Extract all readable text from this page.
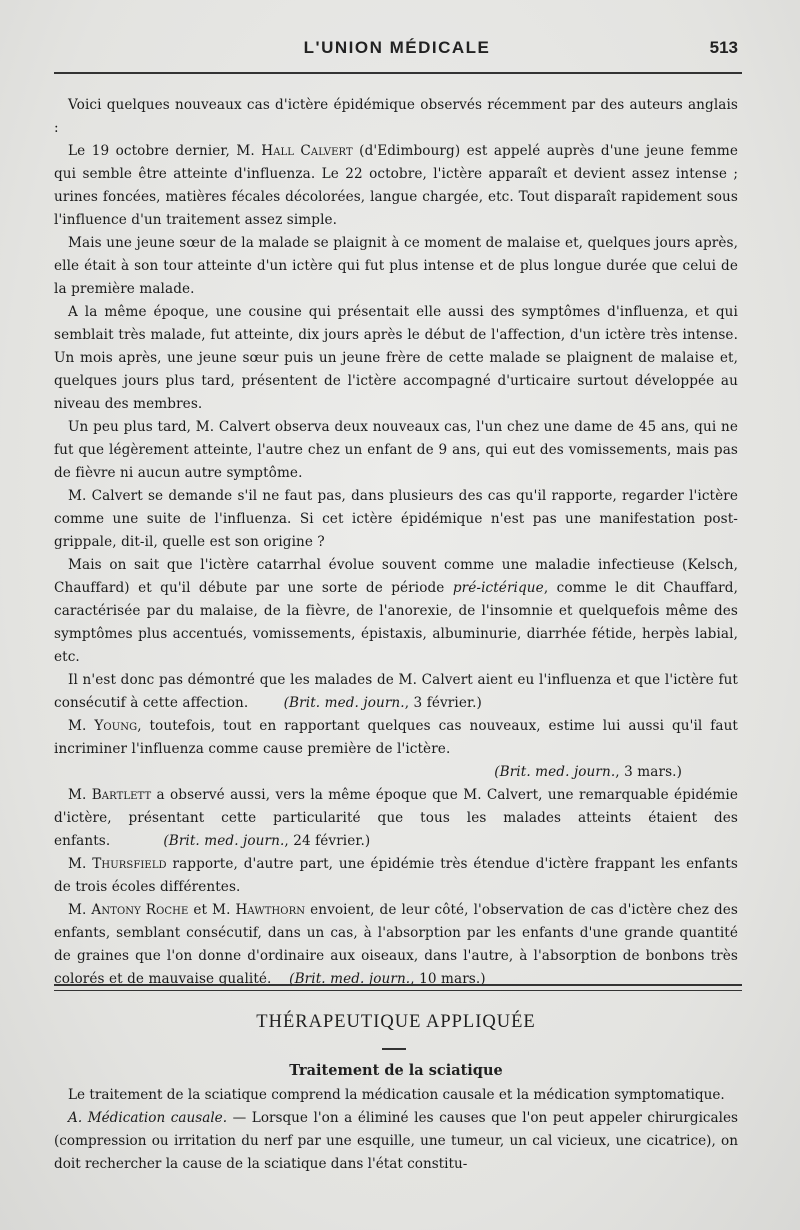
L'UNION MÉDICALE	513

Voici quelques nouveaux cas d'ictère épidémique observés récemment par des auteurs anglais :

Le 19 octobre dernier, M. Hall Calvert (d'Edimbourg) est appelé auprès d'une jeune femme qui semble être atteinte d'influenza. Le 22 octobre, l'ictère apparaît et devient assez intense ; urines foncées, matières fécales décolorées, langue chargée, etc. Tout disparaît rapidement sous l'influence d'un traitement assez simple.

Mais une jeune sœur de la malade se plaignit à ce moment de malaise et, quelques jours après, elle était à son tour atteinte d'un ictère qui fut plus intense et de plus longue durée que celui de la première malade.

A la même époque, une cousine qui présentait elle aussi des symptômes d'influenza, et qui semblait très malade, fut atteinte, dix jours après le début de l'affection, d'un ictère très intense. Un mois après, une jeune sœur puis un jeune frère de cette malade se plaignent de malaise et, quelques jours plus tard, présentent de l'ictère accompagné d'urticaire surtout développée au niveau des membres.

Un peu plus tard, M. Calvert observa deux nouveaux cas, l'un chez une dame de 45 ans, qui ne fut que légèrement atteinte, l'autre chez un enfant de 9 ans, qui eut des vomissements, mais pas de fièvre ni aucun autre symptôme.

M. Calvert se demande s'il ne faut pas, dans plusieurs des cas qu'il rapporte, regarder l'ictère comme une suite de l'influenza. Si cet ictère épidémique n'est pas une manifestation post-grippale, dit-il, quelle est son origine ?

Mais on sait que l'ictère catarrhal évolue souvent comme une maladie infectieuse (Kelsch, Chauffard) et qu'il débute par une sorte de période pré-ictérique, comme le dit Chauffard, caractérisée par du malaise, de la fièvre, de l'anorexie, de l'insomnie et quelquefois même des symptômes plus accentués, vomissements, épistaxis, albuminurie, diarrhée fétide, herpès labial, etc.

Il n'est donc pas démontré que les malades de M. Calvert aient eu l'influenza et que l'ictère fut consécutif à cette affection.	(Brit. med. journ., 3 février.)

M. Young, toutefois, tout en rapportant quelques cas nouveaux, estime lui aussi qu'il faut incriminer l'influenza comme cause première de l'ictère.

(Brit. med. journ., 3 mars.)

M. Bartlett a observé aussi, vers la même époque que M. Calvert, une remarquable épidémie d'ictère, présentant cette particularité que tous les malades atteints étaient des enfants.	(Brit. med. journ., 24 février.)

M. Thursfield rapporte, d'autre part, une épidémie très étendue d'ictère frappant les enfants de trois écoles différentes.

M. Antony Roche et M. Hawthorn envoient, de leur côté, l'observation de cas d'ictère chez des enfants, semblant consécutif, dans un cas, à l'absorption par les enfants d'une grande quantité de graines que l'on donne d'ordinaire aux oiseaux, dans l'autre, à l'absorption de bonbons très colorés et de mauvaise qualité. (Brit. med. journ., 10 mars.)

THÉRAPEUTIQUE APPLIQUÉE
Traitement de la sciatique

Le traitement de la sciatique comprend la médication causale et la médication symptomatique.

A. Médication causale. — Lorsque l'on a éliminé les causes que l'on peut appeler chirurgicales (compression ou irritation du nerf par une esquille, une tumeur, un cal vicieux, une cicatrice), on doit rechercher la cause de la sciatique dans l'état constitu-
